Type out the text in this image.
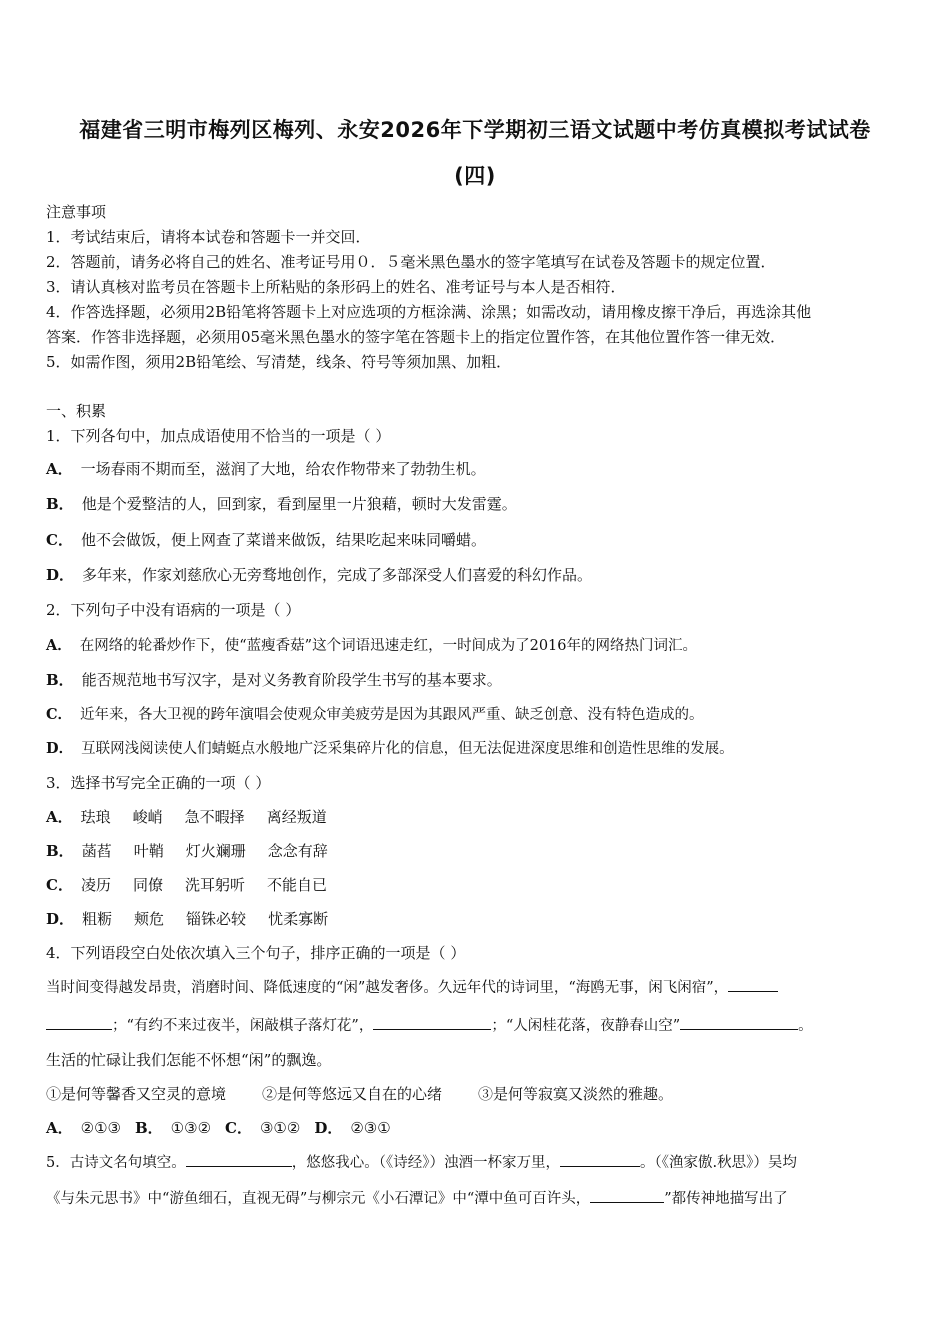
福建省三明市梅列区梅列、永安2026年下学期初三语文试题中考仿真模拟考试试卷
(四)
注意事项
1．考试结束后，请将本试卷和答题卡一并交回．
2．答题前，请务必将自己的姓名、准考证号用０．５毫米黑色墨水的签字笔填写在试卷及答题卡的规定位置．
3．请认真核对监考员在答题卡上所粘贴的条形码上的姓名、准考证号与本人是否相符．
4．作答选择题，必须用2B铅笔将答题卡上对应选项的方框涂满、涂黑；如需改动，请用橡皮擦干净后，再选涂其他
答案．作答非选择题，必须用05毫米黑色墨水的签字笔在答题卡上的指定位置作答，在其他位置作答一律无效．
5．如需作图，须用2B铅笔绘、写清楚，线条、符号等须加黑、加粗．
一、积累
1．下列各句中，加点成语使用不恰当的一项是（ ）
A． 一场春雨不期而至，滋润了大地，给农作物带来了勃勃生机。
B． 他是个爱整洁的人，回到家，看到屋里一片狼藉，顿时大发雷霆。
C． 他不会做饭，便上网查了菜谱来做饭，结果吃起来味同嚼蜡。
D． 多年来，作家刘慈欣心无旁骛地创作，完成了多部深受人们喜爱的科幻作品。
2．下列句子中没有语病的一项是（ ）
A． 在网络的轮番炒作下，使“蓝瘦香菇”这个词语迅速走红，一时间成为了2016年的网络热门词汇。
B． 能否规范地书写汉字，是对义务教育阶段学生书写的基本要求。
C． 近年来，各大卫视的跨年演唱会使观众审美疲劳是因为其跟风严重、缺乏创意、没有特色造成的。
D． 互联网浅阅读使人们蜻蜓点水般地广泛采集碎片化的信息，但无法促进深度思维和创造性思维的发展。
3．选择书写完全正确的一项（ ）
A． 珐琅 峻峭 急不暇择 离经叛道
B． 菡萏 叶鞘 灯火斓珊 念念有辞
C． 凌历 同僚 洗耳躬听 不能自已
D． 粗粝 颊危 锱铢必较 忧柔寡断
4．下列语段空白处依次填入三个句子，排序正确的一项是（ ）
当时间变得越发昂贵，消磨时间、降低速度的“闲”越发奢侈。久远年代的诗词里，“海鸥无事，闲飞闲宿”，
；“有约不来过夜半，闲敲棋子落灯花”，	；“人闲桂花落，夜静春山空”	。
生活的忙碌让我们怎能不怀想“闲”的飘逸。
①是何等馨香又空灵的意境 ②是何等悠远又自在的心绪 ③是何等寂寞又淡然的雅趣。
A． ②①③ B． ①③② C． ③①② D． ②③①
5．古诗文名句填空。	，悠悠我心。（《诗经》）浊酒一杯家万里，	。（《渔家傲.秋思》）吴均
《与朱元思书》中“游鱼细石，直视无碍”与柳宗元《小石潭记》中“潭中鱼可百许头，	”都传神地描写出了
